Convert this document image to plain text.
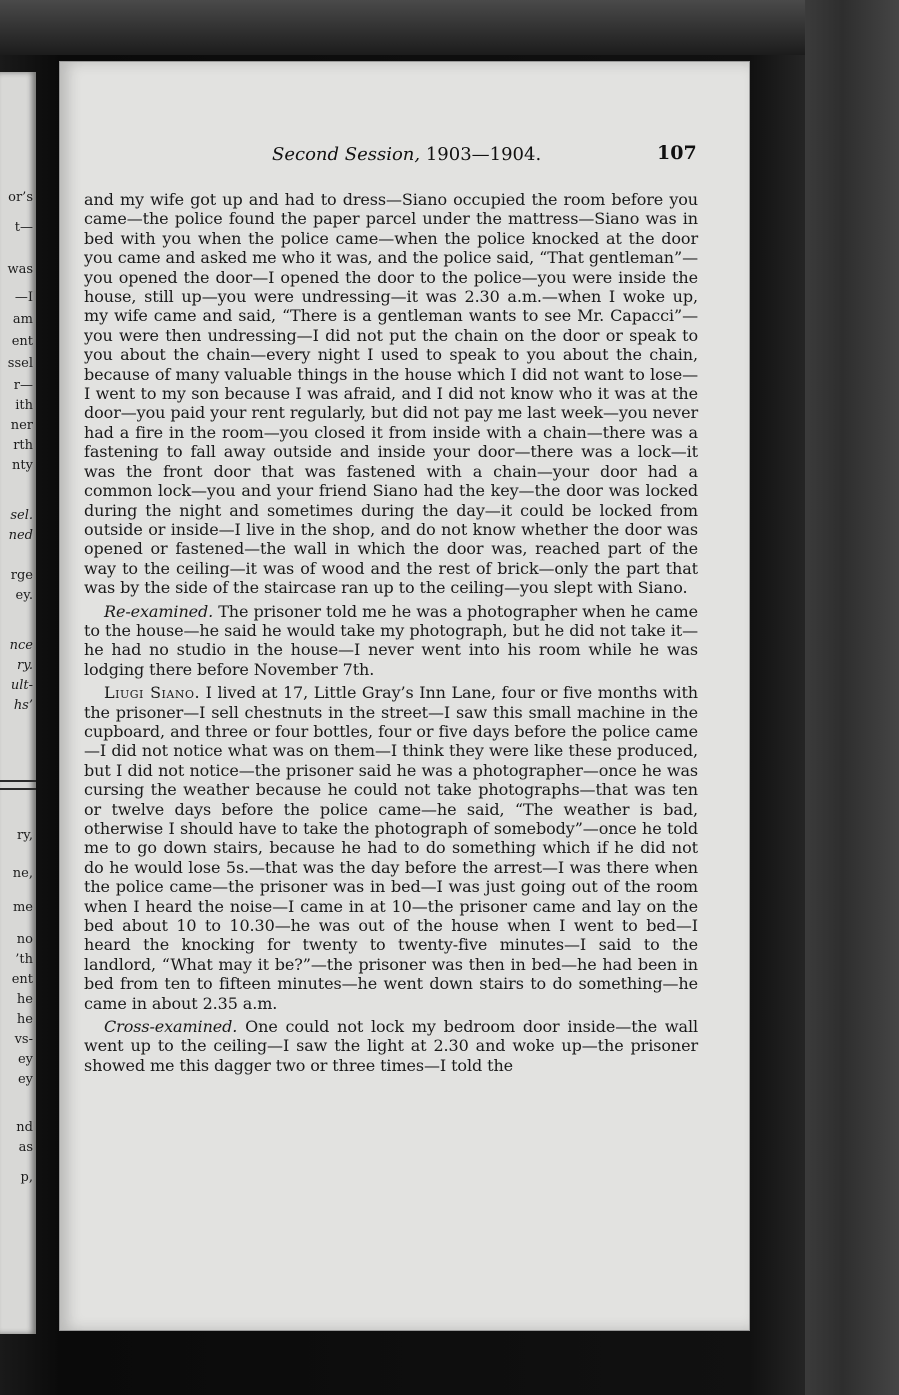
or’s
t—
was
—I
am
ent
ssel
r—
ith
ner
rth
nty
sel.
ned
rge
ey.
nce
ry.
ult-
hs’
ry,
ne,
me
no
’th
ent
he
he
vs-
ey
ey
nd
as
p,
Second Session, 1903—1904.	107

and my wife got up and had to dress—Siano occupied the room before you came—the police found the paper parcel under the mattress—Siano was in bed with you when the police came—when the police knocked at the door you came and asked me who it was, and the police said, “That gentleman”—you opened the door—I opened the door to the police—you were inside the house, still up—you were undressing—it was 2.30 a.m.—when I woke up, my wife came and said, “There is a gentleman wants to see Mr. Capacci”—you were then undressing—I did not put the chain on the door or speak to you about the chain—every night I used to speak to you about the chain, because of many valuable things in the house which I did not want to lose—I went to my son because I was afraid, and I did not know who it was at the door—you paid your rent regularly, but did not pay me last week—you never had a fire in the room—you closed it from inside with a chain—there was a fastening to fall away outside and inside your door—there was a lock—it was the front door that was fastened with a chain—your door had a common lock—you and your friend Siano had the key—the door was locked during the night and sometimes during the day—it could be locked from outside or inside—I live in the shop, and do not know whether the door was opened or fastened—the wall in which the door was, reached part of the way to the ceiling—it was of wood and the rest of brick—only the part that was by the side of the staircase ran up to the ceiling—you slept with Siano.

Re-examined. The prisoner told me he was a photographer when he came to the house—he said he would take my photograph, but he did not take it—he had no studio in the house—I never went into his room while he was lodging there before November 7th.

Liugi Siano. I lived at 17, Little Gray’s Inn Lane, four or five months with the prisoner—I sell chestnuts in the street—I saw this small machine in the cupboard, and three or four bottles, four or five days before the police came—I did not notice what was on them—I think they were like these produced, but I did not notice—the prisoner said he was a photographer—once he was cursing the weather because he could not take photographs—that was ten or twelve days before the police came—he said, “The weather is bad, otherwise I should have to take the photograph of somebody”—once he told me to go down stairs, because he had to do something which if he did not do he would lose 5s.—that was the day before the arrest—I was there when the police came—the prisoner was in bed—I was just going out of the room when I heard the noise—I came in at 10—the prisoner came and lay on the bed about 10 to 10.30—he was out of the house when I went to bed—I heard the knocking for twenty to twenty-five minutes—I said to the landlord, “What may it be?”—the prisoner was then in bed—he had been in bed from ten to fifteen minutes—he went down stairs to do something—he came in about 2.35 a.m.

Cross-examined. One could not lock my bedroom door inside—the wall went up to the ceiling—I saw the light at 2.30 and woke up—the prisoner showed me this dagger two or three times—I told the
